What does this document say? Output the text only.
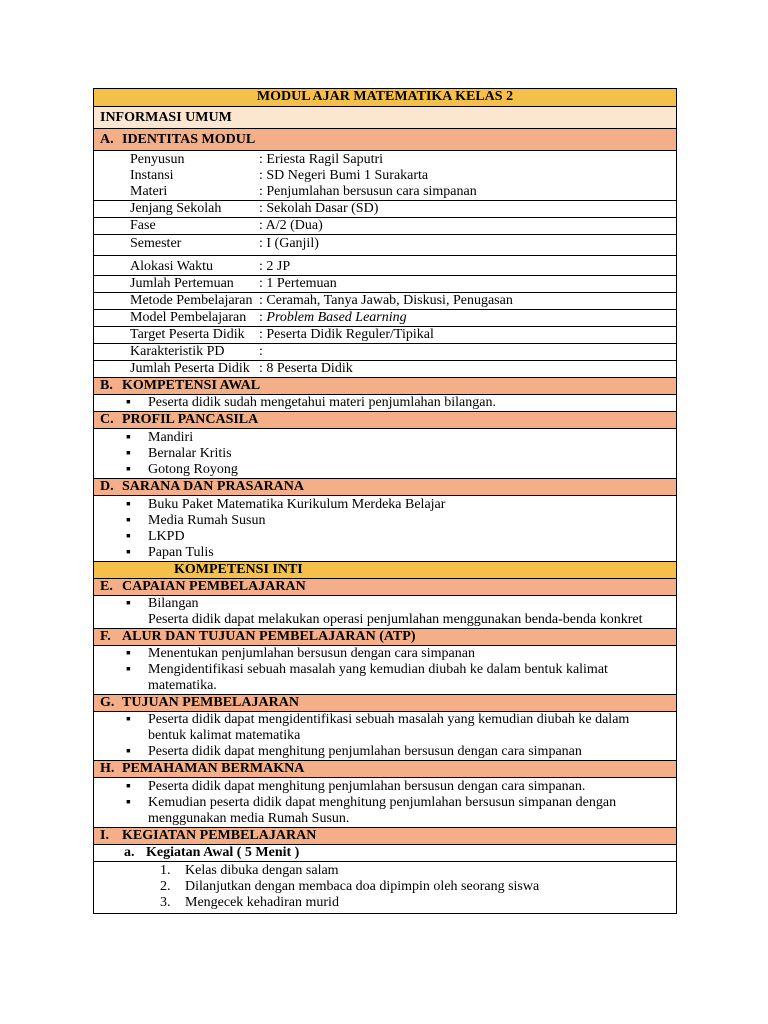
MODUL AJAR MATEMATIKA KELAS 2
INFORMASI UMUM
A. IDENTITAS MODUL
Penyusun	: Eriesta Ragil Saputri
Instansi	: SD Negeri Bumi 1 Surakarta
Materi	: Penjumlahan bersusun cara simpanan
Jenjang Sekolah	: Sekolah Dasar (SD)
Fase	: A/2 (Dua)
Semester	: I (Ganjil)
Alokasi Waktu	: 2 JP
Jumlah Pertemuan	: 1 Pertemuan
Metode Pembelajaran : Ceramah, Tanya Jawab, Diskusi, Penugasan
Model Pembelajaran : Problem Based Learning
Target Peserta Didik	: Peserta Didik Reguler/Tipikal
Karakteristik PD	:
Jumlah Peserta Didik : 8 Peserta Didik
B. KOMPETENSI AWAL
▪	Peserta didik sudah mengetahui materi penjumlahan bilangan.
C. PROFIL PANCASILA
▪	Mandiri
▪	Bernalar Kritis
▪	Gotong Royong
D. SARANA DAN PRASARANA
▪	Buku Paket Matematika Kurikulum Merdeka Belajar
▪	Media Rumah Susun
▪	LKPD
▪	Papan Tulis
KOMPETENSI INTI
E. CAPAIAN PEMBELAJARAN
▪	Bilangan
Peserta didik dapat melakukan operasi penjumlahan menggunakan benda-benda konkret
F. ALUR DAN TUJUAN PEMBELAJARAN (ATP)
▪	Menentukan penjumlahan bersusun dengan cara simpanan
▪	Mengidentifikasi sebuah masalah yang kemudian diubah ke dalam bentuk kalimat matematika.
G. TUJUAN PEMBELAJARAN
▪	Peserta didik dapat mengidentifikasi sebuah masalah yang kemudian diubah ke dalam bentuk kalimat matematika
▪	Peserta didik dapat menghitung penjumlahan bersusun dengan cara simpanan
H. PEMAHAMAN BERMAKNA
▪	Peserta didik dapat menghitung penjumlahan bersusun dengan cara simpanan.
▪	Kemudian peserta didik dapat menghitung penjumlahan bersusun simpanan dengan menggunakan media Rumah Susun.
I. KEGIATAN PEMBELAJARAN
a. Kegiatan Awal ( 5 Menit )
1.	Kelas dibuka dengan salam
2.	Dilanjutkan dengan membaca doa dipimpin oleh seorang siswa
3.	Mengecek kehadiran murid
